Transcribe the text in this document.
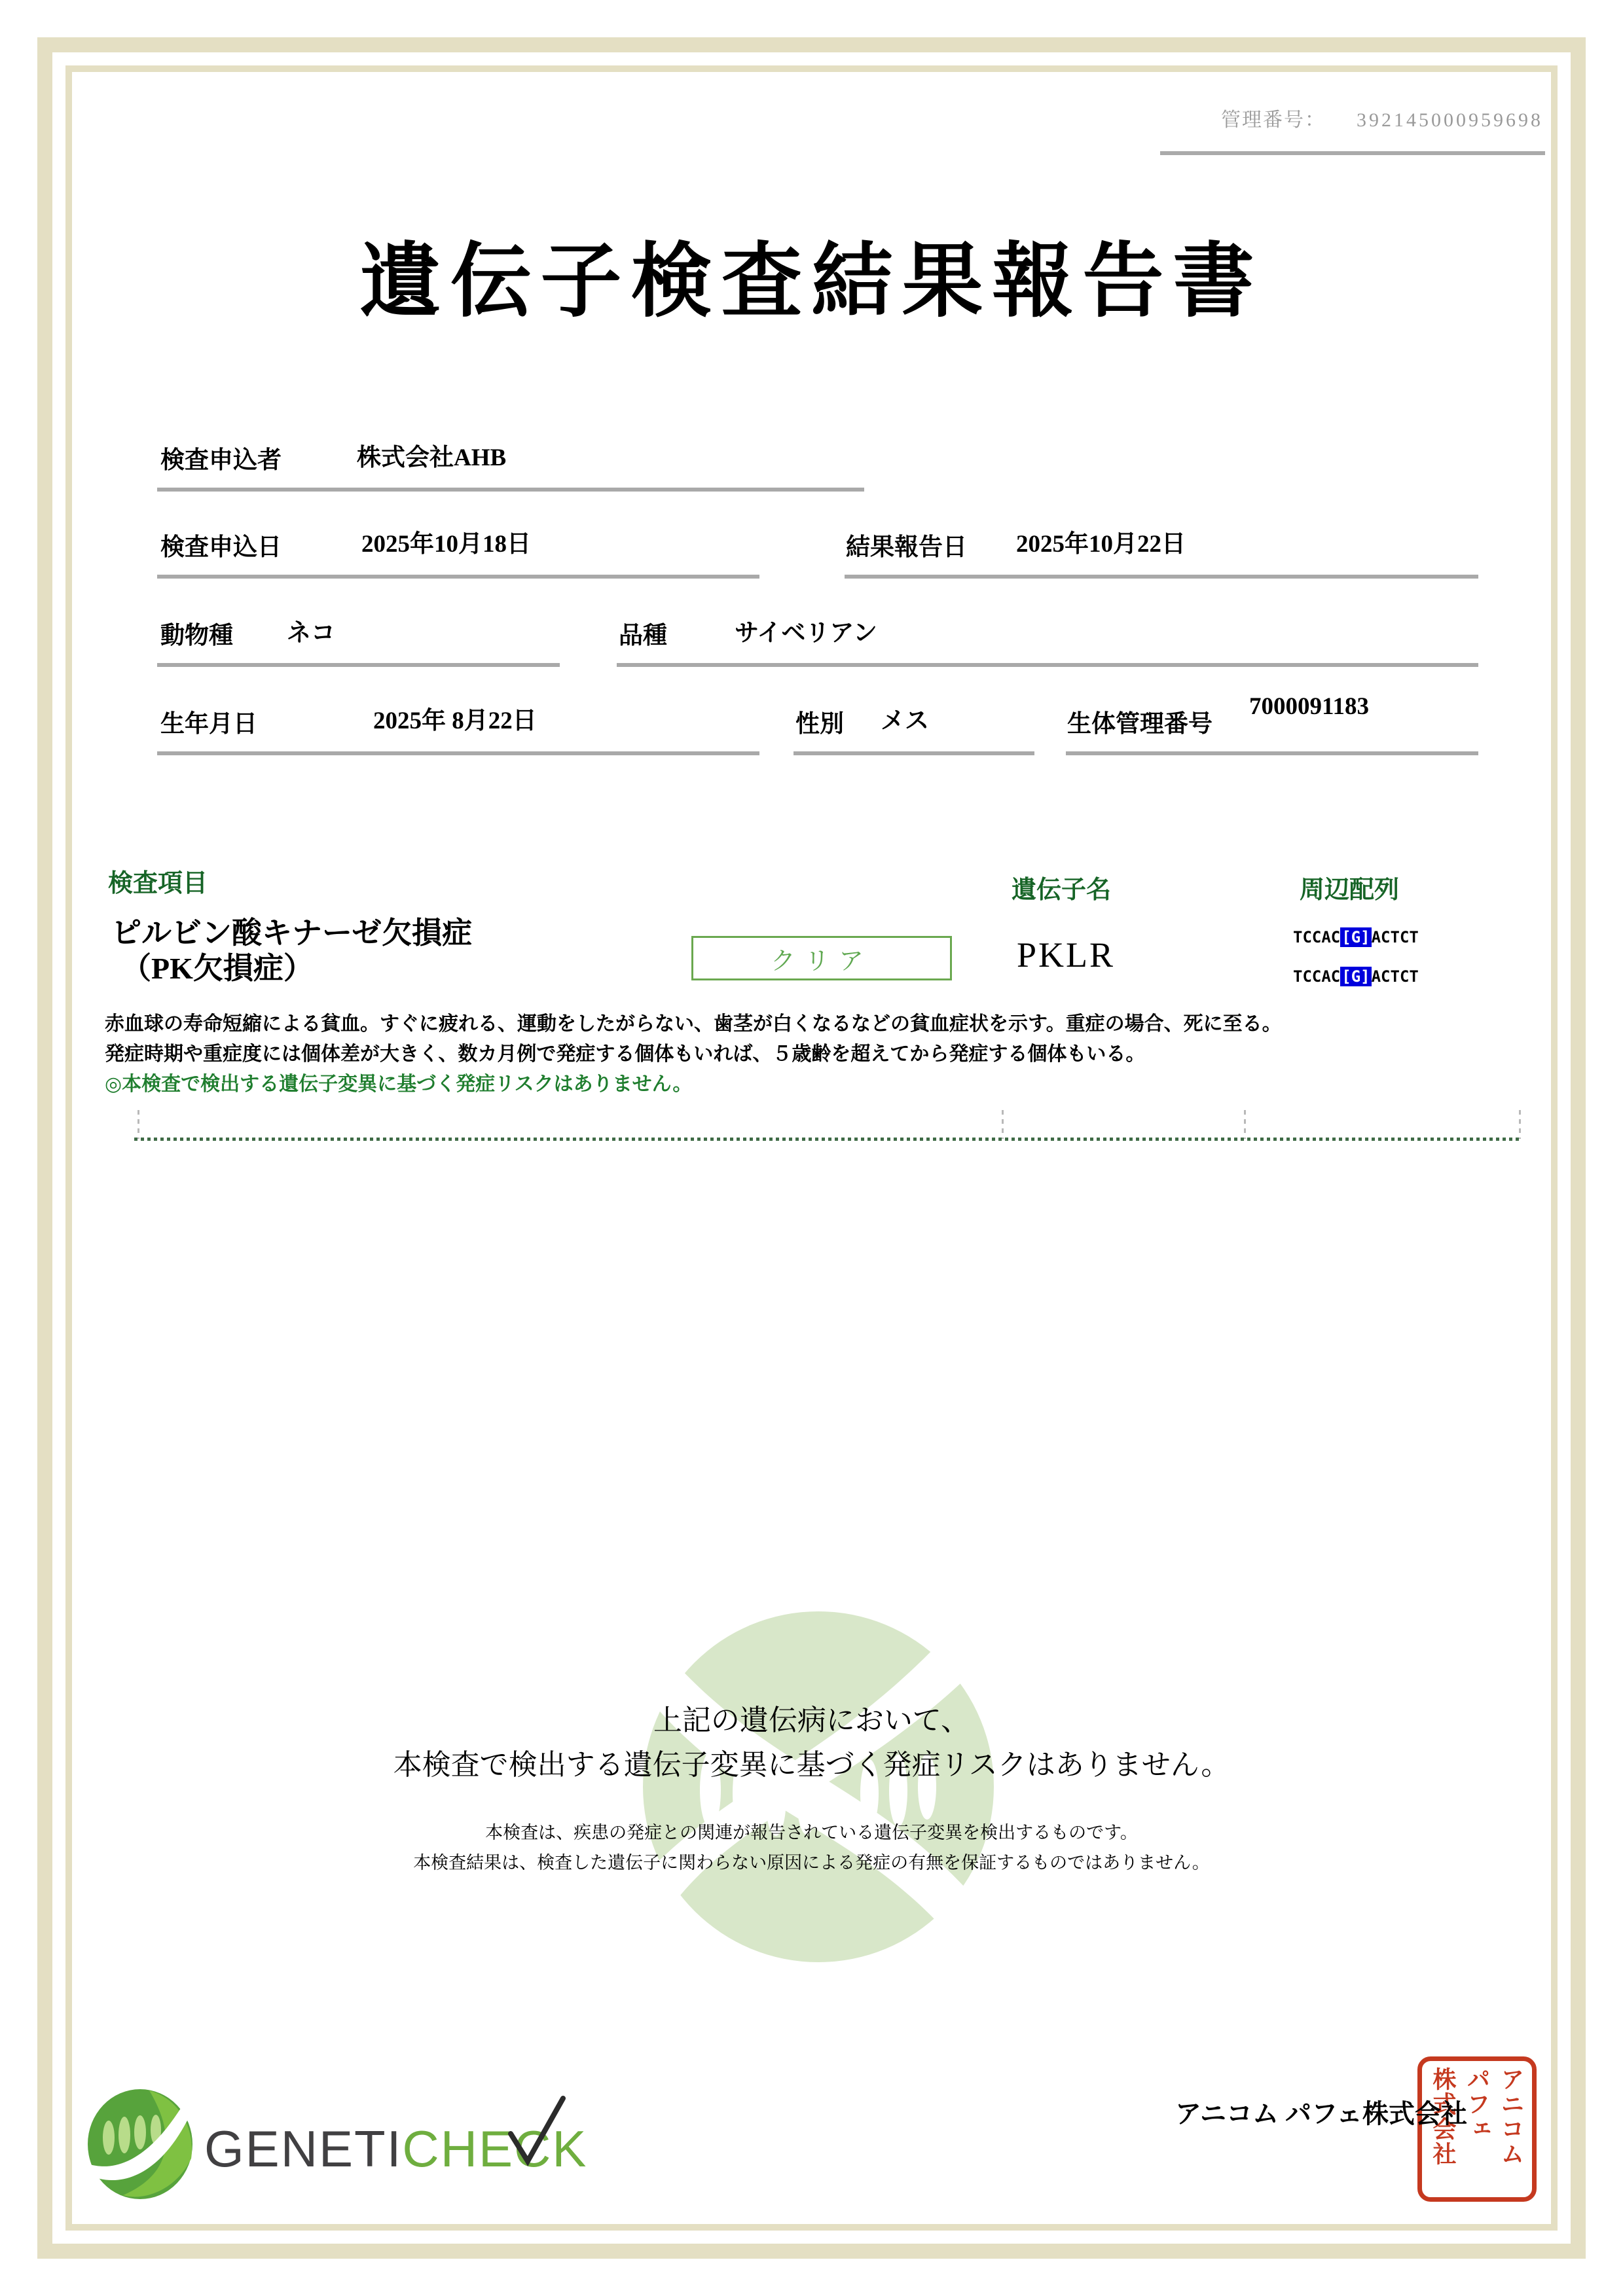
管理番号： 392145000959698
遺伝子検査結果報告書
検査申込者	株式会社AHB
検査申込日	2025年10月18日	結果報告日 2025年10月22日
動物種 ネコ	品種	サイベリアン
生年月日	2025年 8月22日	性別 メス	生体管理番号
7000091183
検査項目	遺伝子名	周辺配列
ピルビン酸キナーゼ欠損症
（PK欠損症）	クリア	PKLR	TCCAC[G]ACTCT
TCCAC[G]ACTCT
赤血球の寿命短縮による貧血。すぐに疲れる、運動をしたがらない、歯茎が白くなるなどの貧血症状を示す。重症の場合、死に至る。
発症時期や重症度には個体差が大きく、数カ月例で発症する個体もいれば、５歳齢を超えてから発症する個体もいる。
◎本検査で検出する遺伝子変異に基づく発症リスクはありません。
上記の遺伝病において、
本検査で検出する遺伝子変異に基づく発症リスクはありません。
本検査は、疾患の発症との関連が報告されている遺伝子変異を検出するものです。
本検査結果は、検査した遺伝子に関わらない原因による発症の有無を保証するものではありません。
GENETICHECK	アニコムパフェ株式会社
アニコム パフェ株式会社
